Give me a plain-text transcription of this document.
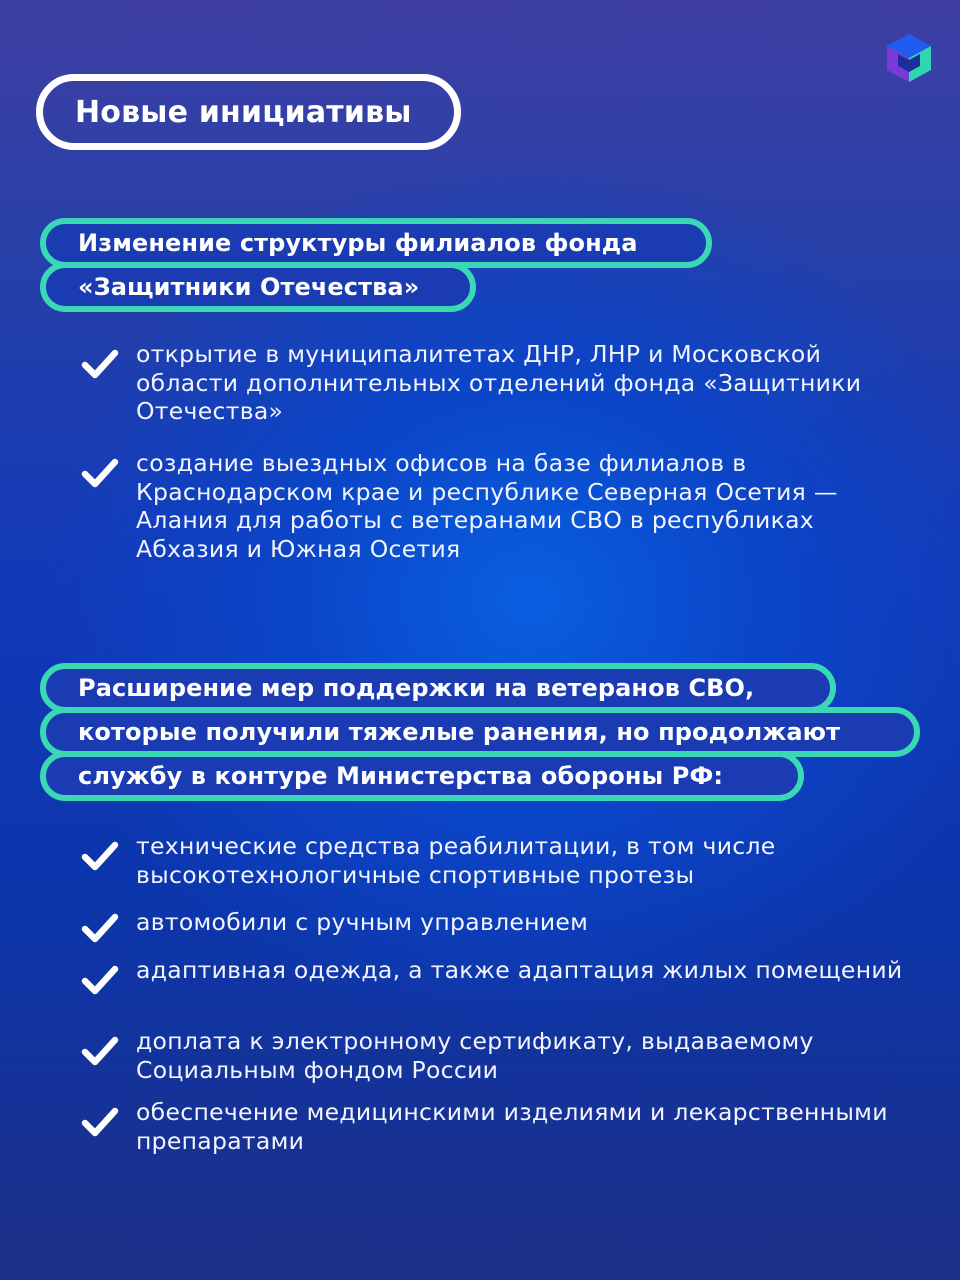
Новые инициативы
Изменение структуры филиалов фонда
«Защитники Отечества»
открытие в муниципалитетах ДНР, ЛНР и Московской области дополнительных отделений фонда «Защитники Отечества»
создание выездных офисов на базе филиалов в Краснодарском крае и республике Северная Осетия — Алания для работы с ветеранами СВО в республиках Абхазия и Южная Осетия
Расширение мер поддержки на ветеранов СВО,
которые получили тяжелые ранения, но продолжают
службу в контуре Министерства обороны РФ:
технические средства реабилитации, в том числе высокотехнологичные спортивные протезы
автомобили с ручным управлением
адаптивная одежда, а также адаптация жилых помещений
доплата к электронному сертификату, выдаваемому Социальным фондом России
обеспечение медицинскими изделиями и лекарственными препаратами
